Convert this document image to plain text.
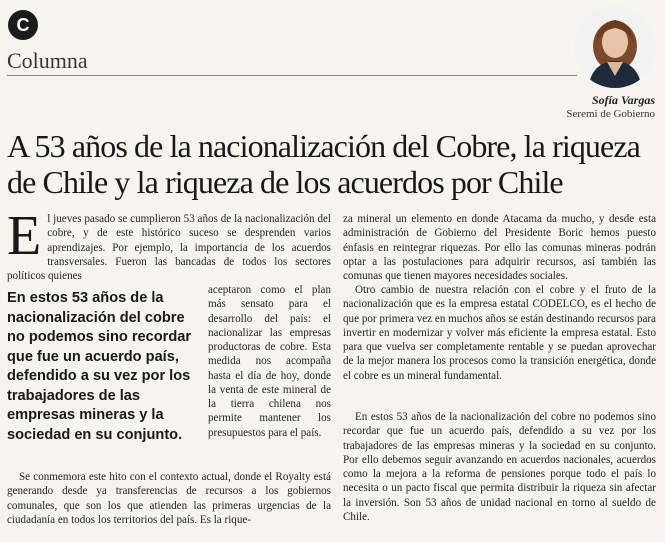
C
Columna
Sofía Vargas
Seremi de Gobierno
A 53 años de la nacionalización del Cobre, la riqueza de Chile y la riqueza de los acuerdos por Chile

El jueves pasado se cumplieron 53 años de la nacionalización del cobre, y de este histórico suceso se desprenden varios aprendizajes. Por ejemplo, la importancia de los acuerdos transversales. Fueron las bancadas de todos los sectores políticos quienes

En estos 53 años de la nacionalización del cobre no podemos sino recordar que fue un acuerdo país, defendido a su vez por los trabajadores de las empresas mineras y la sociedad en su conjunto.

aceptaron como el plan más sensato para el desarrollo del país: el nacionalizar las empresas productoras de cobre. Esta medida nos acompaña hasta el día de hoy, donde la venta de este mineral de la tierra chilena nos permite mantener los presupuestos para el país.

Se conmemora este hito con el contexto actual, donde el Royalty está generando desde ya transferencias de recursos a los gobiernos comunales, que son los que atienden las primeras urgencias de la ciudadanía en todos los territorios del país. Es la rique-

za mineral un elemento en donde Atacama da mucho, y desde esta administración de Gobierno del Presidente Boric hemos puesto énfasis en reintegrar riquezas. Por ello las comunas mineras podrán optar a las postulaciones para adquirir recursos, así también las comunas que tienen mayores necesidades sociales.

Otro cambio de nuestra relación con el cobre y el fruto de la nacionalización que es la empresa estatal CODELCO, es el hecho de que por primera vez en muchos años se están destinando recursos para invertir en modernizar y volver más eficiente la empresa estatal. Esto para que vuelva ser completamente rentable y se puedan aprovechar de la mejor manera los procesos como la transición energética, donde el cobre es un mineral fundamental.

En estos 53 años de la nacionalización del cobre no podemos sino recordar que fue un acuerdo país, defendido a su vez por los trabajadores de las empresas mineras y la sociedad en su conjunto. Por ello debemos seguir avanzando en acuerdos nacionales, acuerdos como la mejora a la reforma de pensiones porque todo el país lo necesita o un pacto fiscal que permita distribuir la riqueza sin afectar la inversión. Son 53 años de unidad nacional en torno al sueldo de Chile.
